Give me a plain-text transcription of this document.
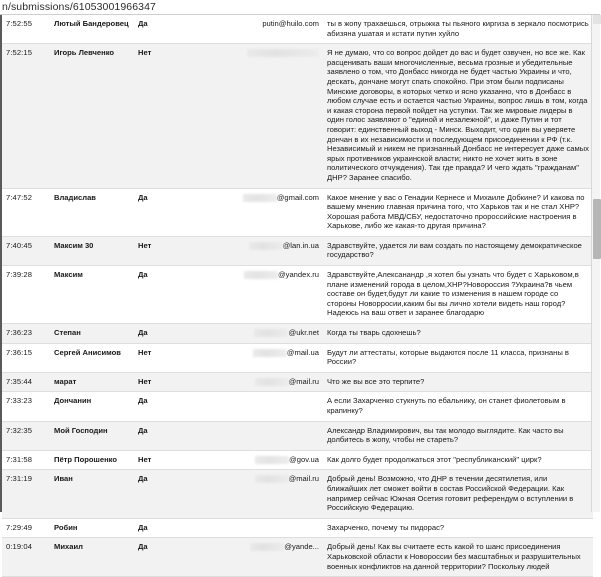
n/submissions/61053001966347
7:52:55	Лютый Бандеровец	Да	putin@huilo.com	ты в жопу трахаешься, отрыжка ты пьяного киргиза в зеркало посмотрись абизяна ушатая и кстати путин хуйло
7:52:15	Игорь Левченко	Нет		Я не думаю, что со вопрос дойдет до вас и будет озвучен, но все же. Как расценивать ваши многочисленные, весьма грозные и убедительные заявлено о том, что Донбасс никогда не будет частью Украины и что, дескать, дончане могут спать спокойно. При этом были подписаны Минские договоры, в которых четко и ясно указанно, что в Донбасс в любом случае есть и остается частью Украины, вопрос лишь в том, когда и какая сторона первой пойдет на уступки. Так же мировые лидеры в один голос заявляют о "единой и незалежной", и даже Путин и тот говорит: единственный выход - Минск. Выходит, что один вы уверяете дончан в их независимости и последующем присоединении к РФ (т.к. Независимый и никем не признанный Донбасс не интересует даже самых ярых противников украинской власти; никто не хочет жить в зоне политического отчуждения). Так где правда? И чего ждать "гражданам" ДНР? Заранее спасибо.
7:47:52	Владислав	Да	@gmail.com	Какое мнение у вас о Генадии Кернесе и Михаиле Добкине? И какова по вашему мнению главная причина того, что Харьков так и не стал ХНР? Хорошая работа МВД/СБУ, недостаточно пророссийские настроения в Харькове, либо же какая-то другая причина?
7:40:45	Максим 30	Нет	@lan.in.ua	Здравствуйте, удается ли вам создать по настоящему демократическое государство?
7:39:28	Максим	Да	@yandex.ru	Здравствуйте,Алексанандр ,я хотел бы узнать что будет с Харьковом,в плане изменений города в целом,ХНР?Новороссия ?Украина?в чьем составе он будет,будут ли какие то изменения в нашем городе со стороны Новорросии,каким бы вы лично хотели видеть наш город? Надеюсь на ваш ответ и заранее благодарю
7:36:23	Степан	Да	@ukr.net	Когда ты тварь сдохнешь?
7:36:15	Сергей Анисимов	Нет	@mail.ua	Будут ли аттестаты, которые выдаются после 11 класса, признаны в России?
7:35:44	марат	Нет	@mail.ru	Что же вы все это терпите?
7:33:23	Дончанин	Да		А если Захарченко стукнуть по ебальнику, он станет фиолетовым в крапинку?
7:32:35	Мой Господин	Да		Александр Владимирович, вы так молодо выглядите. Как часто вы долбитесь в жопу, чтобы не стареть?
7:31:58	Пётр Порошенко	Нет	@gov.ua	Как долго будет продолжаться этот "республиканский" цирк?
7:31:19	Иван	Да	@mail.ru	Добрый день! Возможно, что ДНР в течении десятилетия, или ближайших лет сможет войти в состав Российской Федерации. Как например сейчас Южная Осетия готовит референдум о вступлении в Российскую Федерацию.
7:29:49	Робин	Да		Захарченко, почему ты пидорас?
0:19:04	Михаил	Да	@yande...	Добрый день! Как вы считаете есть какой то шанс присоединения Харьковской области к Новороссии без масштабных и разрушительных военных конфликтов на данной территории? Поскольку людей
